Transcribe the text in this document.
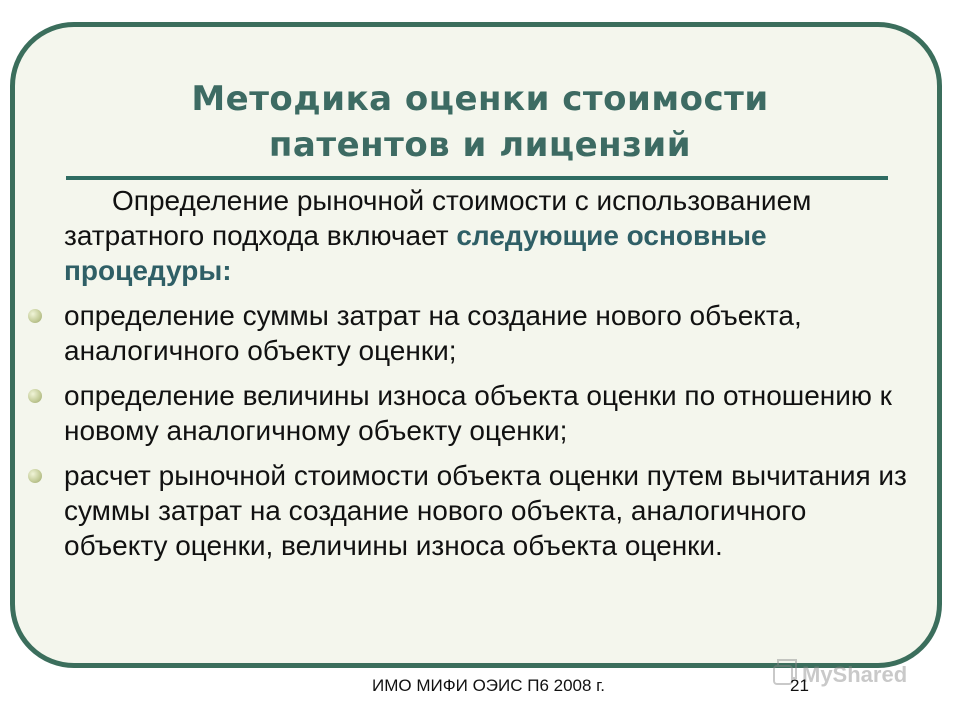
Методика оценки стоимости
патентов и лицензий
Определение рыночной стоимости с использованием затратного подхода включает следующие основные процедуры:
определение суммы затрат на создание нового объекта, аналогичного объекту оценки;
определение величины износа объекта оценки по отношению к новому аналогичному объекту оценки;
расчет рыночной стоимости объекта оценки путем вычитания из суммы затрат на создание нового объекта, аналогичного объекту оценки, величины износа объекта оценки.
MyShared
ИМО МИФИ ОЭИС П6 2008 г.	21
